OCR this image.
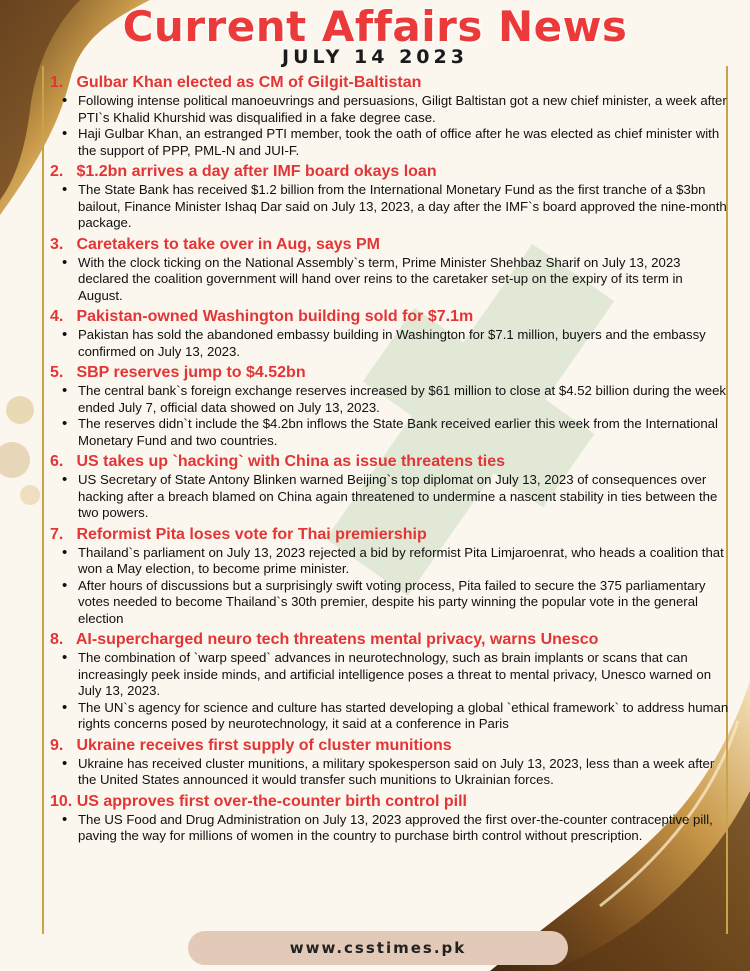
Current Affairs News
JULY 14 2023

1. Gulbar Khan elected as CM of Gilgit-Baltistan

• Following intense political manoeuvrings and persuasions, Giligt Baltistan got a new chief minister, a week after PTI`s Khalid Khurshid was disqualified in a fake degree case.
• Haji Gulbar Khan, an estranged PTI member, took the oath of office after he was elected as chief minister with the support of PPP, PML-N and JUI-F.

2. $1.2bn arrives a day after IMF board okays loan

• The State Bank has received $1.2 billion from the International Monetary Fund as the first tranche of a $3bn bailout, Finance Minister Ishaq Dar said on July 13, 2023, a day after the IMF`s board approved the nine-month package.

3. Caretakers to take over in Aug, says PM

• With the clock ticking on the National Assembly`s term, Prime Minister Shehbaz Sharif on July 13, 2023 declared the coalition government will hand over reins to the caretaker set-up on the expiry of its term in August.

4. Pakistan-owned Washington building sold for $7.1m

• Pakistan has sold the abandoned embassy building in Washington for $7.1 million, buyers and the embassy confirmed on July 13, 2023.

5. SBP reserves jump to $4.52bn

• The central bank`s foreign exchange reserves increased by $61 million to close at $4.52 billion during the week ended July 7, official data showed on July 13, 2023.
• The reserves didn`t include the $4.2bn inflows the State Bank received earlier this week from the International Monetary Fund and two countries.

6. US takes up `hacking` with China as issue threatens ties

• US Secretary of State Antony Blinken warned Beijing`s top diplomat on July 13, 2023 of consequences over hacking after a breach blamed on China again threatened to undermine a nascent stability in ties between the two powers.

7. Reformist Pita loses vote for Thai premiership

• Thailand`s parliament on July 13, 2023 rejected a bid by reformist Pita Limjaroenrat, who heads a coalition that won a May election, to become prime minister.
• After hours of discussions but a surprisingly swift voting process, Pita failed to secure the 375 parliamentary votes needed to become Thailand`s 30th premier, despite his party winning the popular vote in the general election

8. AI-supercharged neuro tech threatens mental privacy, warns Unesco

• The combination of `warp speed` advances in neurotechnology, such as brain implants or scans that can increasingly peek inside minds, and artificial intelligence poses a threat to mental privacy, Unesco warned on July 13, 2023.
• The UN`s agency for science and culture has started developing a global `ethical framework` to address human rights concerns posed by neurotechnology, it said at a conference in Paris

9. Ukraine receives first supply of cluster munitions

• Ukraine has received cluster munitions, a military spokesperson said on July 13, 2023, less than a week after the United States announced it would transfer such munitions to Ukrainian forces.

10. US approves first over-the-counter birth control pill

• The US Food and Drug Administration on July 13, 2023 approved the first over-the-counter contraceptive pill, paving the way for millions of women in the country to purchase birth control without prescription.
www.csstimes.pk
